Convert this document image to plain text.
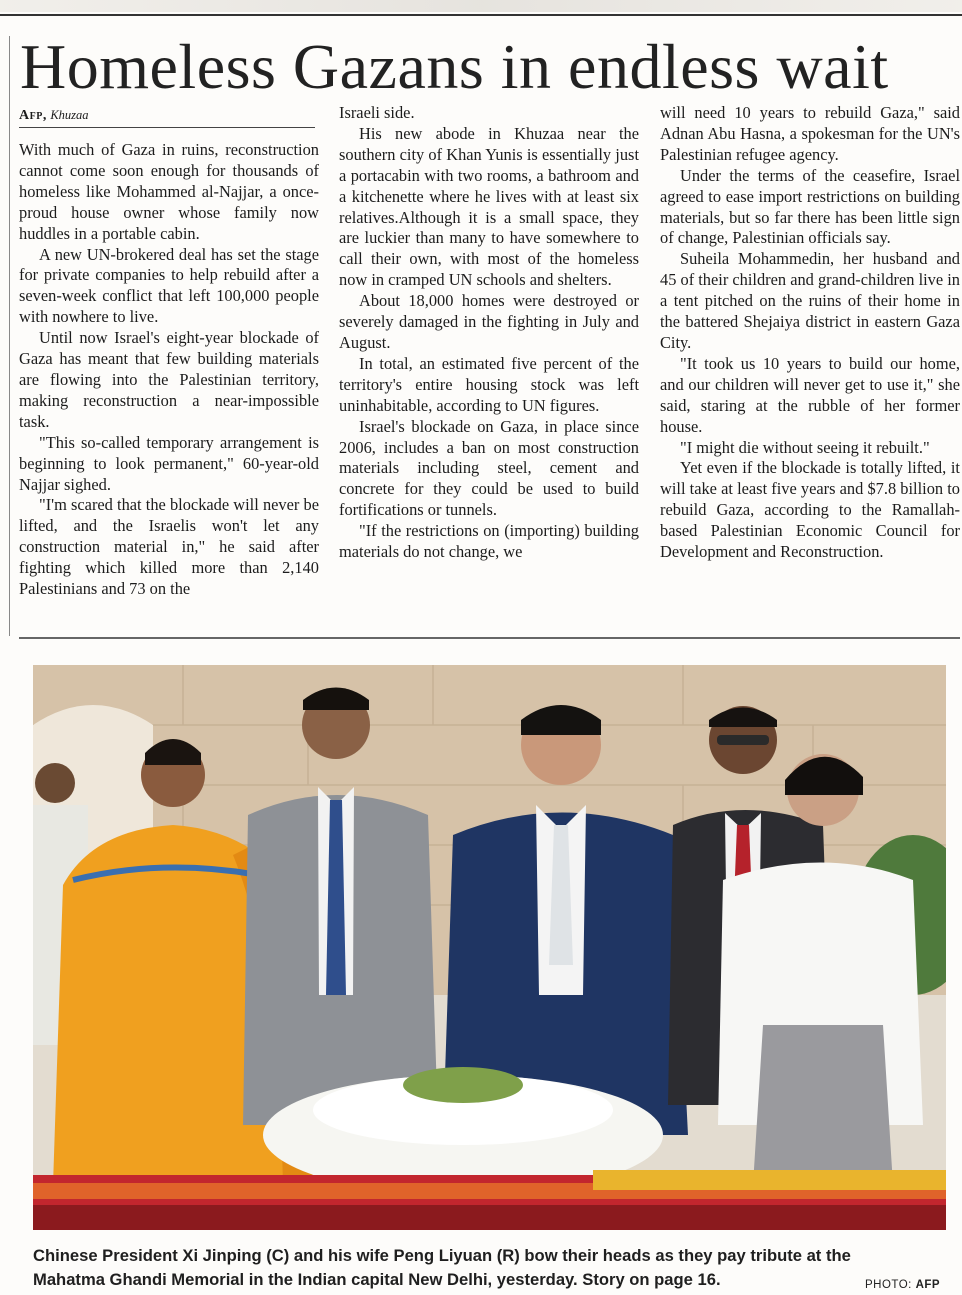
Homeless Gazans in endless wait
Afp, Khuzaa

With much of Gaza in ruins, reconstruction cannot come soon enough for thousands of homeless like Mohammed al-Najjar, a once-proud house owner whose family now huddles in a portable cabin.

A new UN-brokered deal has set the stage for private companies to help rebuild after a seven-week conflict that left 100,000 people with nowhere to live.

Until now Israel's eight-year blockade of Gaza has meant that few building materials are flowing into the Palestinian territory, making reconstruction a near-impossible task.

"This so-called temporary arrangement is beginning to look permanent," 60-year-old Najjar sighed.

"I'm scared that the blockade will never be lifted, and the Israelis won't let any construction material in," he said after fighting which killed more than 2,140 Palestinians and 73 on the

Israeli side.

His new abode in Khuzaa near the southern city of Khan Yunis is essentially just a portacabin with two rooms, a bathroom and a kitchenette where he lives with at least six relatives.Although it is a small space, they are luckier than many to have somewhere to call their own, with most of the homeless now in cramped UN schools and shelters.

About 18,000 homes were destroyed or severely damaged in the fighting in July and August.

In total, an estimated five percent of the territory's entire housing stock was left uninhabitable, according to UN figures.

Israel's blockade on Gaza, in place since 2006, includes a ban on most construction materials including steel, cement and concrete for they could be used to build fortifications or tunnels.

"If the restrictions on (importing) building materials do not change, we

will need 10 years to rebuild Gaza," said Adnan Abu Hasna, a spokesman for the UN's Palestinian refugee agency.

Under the terms of the ceasefire, Israel agreed to ease import restrictions on building materials, but so far there has been little sign of change, Palestinian officials say.

Suheila Mohammedin, her husband and 45 of their children and grand-children live in a tent pitched on the ruins of their home in the battered Shejaiya district in eastern Gaza City.

"It took us 10 years to build our home, and our children will never get to use it," she said, staring at the rubble of her former house.

"I might die without seeing it rebuilt."

Yet even if the blockade is totally lifted, it will take at least five years and $7.8 billion to rebuild Gaza, according to the Ramallah-based Palestinian Economic Council for Development and Reconstruction.

Chinese President Xi Jinping (C) and his wife Peng Liyuan (R) bow their heads as they pay tribute at the
Mahatma Ghandi Memorial in the Indian capital New Delhi, yesterday. Story on page 16.	PHOTO: AFP
